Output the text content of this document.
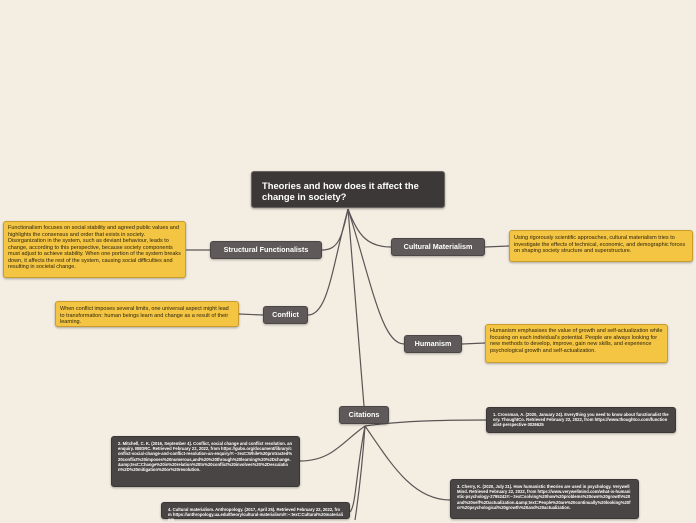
Theories and how does it affect the change in society?
Structural Functionalists
Functionalism focuses on social stability and agreed public values and highlights the consensus and order that exists in society. Disorganization in the system, such as deviant behaviour, leads to change, according to this perspective, because society components must adjust to achieve stability. When one portion of the system breaks down, it affects the rest of the system, causing social difficulties and resulting in societal change.
Conflict
When conflict imposes several limits, one universal aspect might lead to transformation: human beings learn and change as a result of their learning.
Cultural Materialism
Using rigorously scientific approaches, cultural materialism tries to investigate the effects of technical, economic, and demographic forces on shaping society structure and superstructure.
Humanism
Humanism emphasises the value of growth and self-actualization while focusing on each individual's potential. People are always looking for new methods to develop, improve, gain new skills, and experience psychological growth and self-actualization.
Citations	1. Crossman, A. (2020, January 24). Everything you need to know about functionalist theory. ThoughtCo. Retrieved February 22, 2022, from https://www.thoughtco.com/functionalist-perspective-3026625
2. Mitchell, C. K. (2016, September 4). Conflict, social change and conflict resolution. an enquiry. BBDRC. Retrieved February 22, 2022, from https://gubo.org/document/library/conflict-social-change-and-conflict-resolution-an-enquiry/#:~:text=While%20protracted%20conflict%20imposes%20numerous,and%20%20through%20learning%20%2Dchange.&amp;text=Change%20in%20relation%20to%20conflict%20involves%20%2Descalation%2D%20mitigation%20or%20resolution.
3. Cherry, K. (2020, July 21). How humanistic theories are used in psychology. Verywell Mind. Retrieved February 22, 2022, from https://www.verywellmind.com/what-is-humanistic-psychology-2795242#:~:text=solving%20how%20problems%20own%20growth%20and%20self%2Dactualization.&amp;text=People%20are%20continually%20looking%20for%20psychological%20growth%20and%20actualization.
4. Cultural materialism. Anthropology. (2017, April 25). Retrieved February 22, 2022, from https://anthropology.ua.edu/theory/cultural-materialism/#:~:text=Cultural%20materialism
